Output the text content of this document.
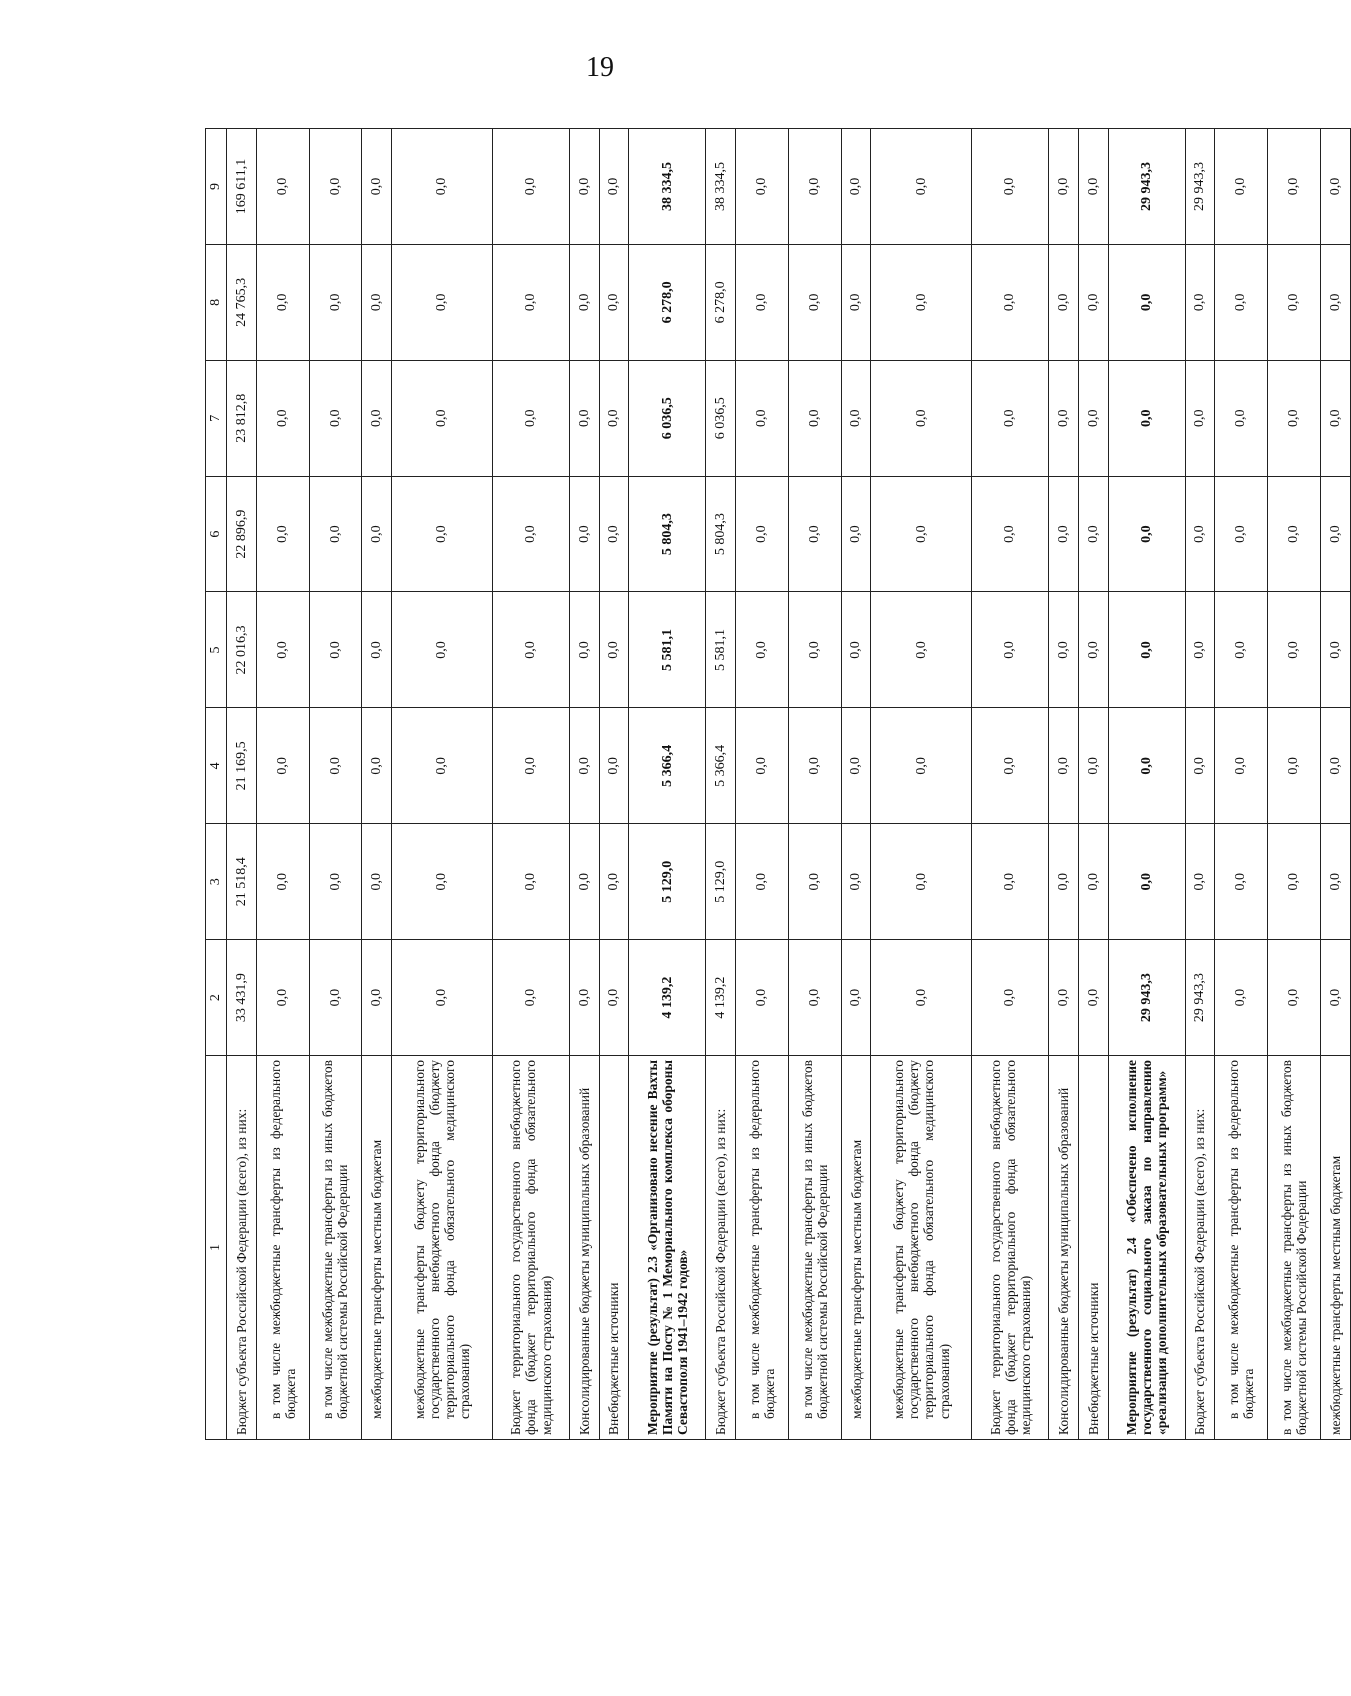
19
1	2	3	4	5	6	7	8	9
Бюджет субъекта Российской Федерации (всего), из них:	33 431,9	21 518,4	21 169,5	22 016,3	22 896,9	23 812,8	24 765,3	169 611,1
в том числе межбюджетные трансферты из федерального бюджета	0,0	0,0	0,0	0,0	0,0	0,0	0,0	0,0
в том числе межбюджетные трансферты из иных бюджетов бюджетной системы Российской Федерации	0,0	0,0	0,0	0,0	0,0	0,0	0,0	0,0
межбюджетные трансферты местным бюджетам	0,0	0,0	0,0	0,0	0,0	0,0	0,0	0,0
межбюджетные трансферты бюджету территориального государственного внебюджетного фонда (бюджету территориального фонда обязательного медицинского страхования)	0,0	0,0	0,0	0,0	0,0	0,0	0,0	0,0
Бюджет территориального государственного внебюджетного фонда (бюджет территориального фонда обязательного медицинского страхования)	0,0	0,0	0,0	0,0	0,0	0,0	0,0	0,0
Консолидированные бюджеты муниципальных образований	0,0	0,0	0,0	0,0	0,0	0,0	0,0	0,0
Внебюджетные источники	0,0	0,0	0,0	0,0	0,0	0,0	0,0	0,0
Мероприятие (результат) 2.3 «Организовано несение Вахты Памяти на Посту № 1 Мемориального комплекса обороны Севастополя 1941–1942 годов»	4 139,2	5 129,0	5 366,4	5 581,1	5 804,3	6 036,5	6 278,0	38 334,5
Бюджет субъекта Российской Федерации (всего), из них:	4 139,2	5 129,0	5 366,4	5 581,1	5 804,3	6 036,5	6 278,0	38 334,5
в том числе межбюджетные трансферты из федерального бюджета	0,0	0,0	0,0	0,0	0,0	0,0	0,0	0,0
в том числе межбюджетные трансферты из иных бюджетов бюджетной системы Российской Федерации	0,0	0,0	0,0	0,0	0,0	0,0	0,0	0,0
межбюджетные трансферты местным бюджетам	0,0	0,0	0,0	0,0	0,0	0,0	0,0	0,0
межбюджетные трансферты бюджету территориального государственного внебюджетного фонда (бюджету территориального фонда обязательного медицинского страхования)	0,0	0,0	0,0	0,0	0,0	0,0	0,0	0,0
Бюджет территориального государственного внебюджетного фонда (бюджет территориального фонда обязательного медицинского страхования)	0,0	0,0	0,0	0,0	0,0	0,0	0,0	0,0
Консолидированные бюджеты муниципальных образований	0,0	0,0	0,0	0,0	0,0	0,0	0,0	0,0
Внебюджетные источники	0,0	0,0	0,0	0,0	0,0	0,0	0,0	0,0
Мероприятие (результат) 2.4 «Обеспечено исполнение государственного социального заказа по направлению «реализация дополнительных образовательных программ»	29 943,3	0,0	0,0	0,0	0,0	0,0	0,0	29 943,3
Бюджет субъекта Российской Федерации (всего), из них:	29 943,3	0,0	0,0	0,0	0,0	0,0	0,0	29 943,3
в том числе межбюджетные трансферты из федерального бюджета	0,0	0,0	0,0	0,0	0,0	0,0	0,0	0,0
в том числе межбюджетные трансферты из иных бюджетов бюджетной системы Российской Федерации	0,0	0,0	0,0	0,0	0,0	0,0	0,0	0,0
межбюджетные трансферты местным бюджетам	0,0	0,0	0,0	0,0	0,0	0,0	0,0	0,0
